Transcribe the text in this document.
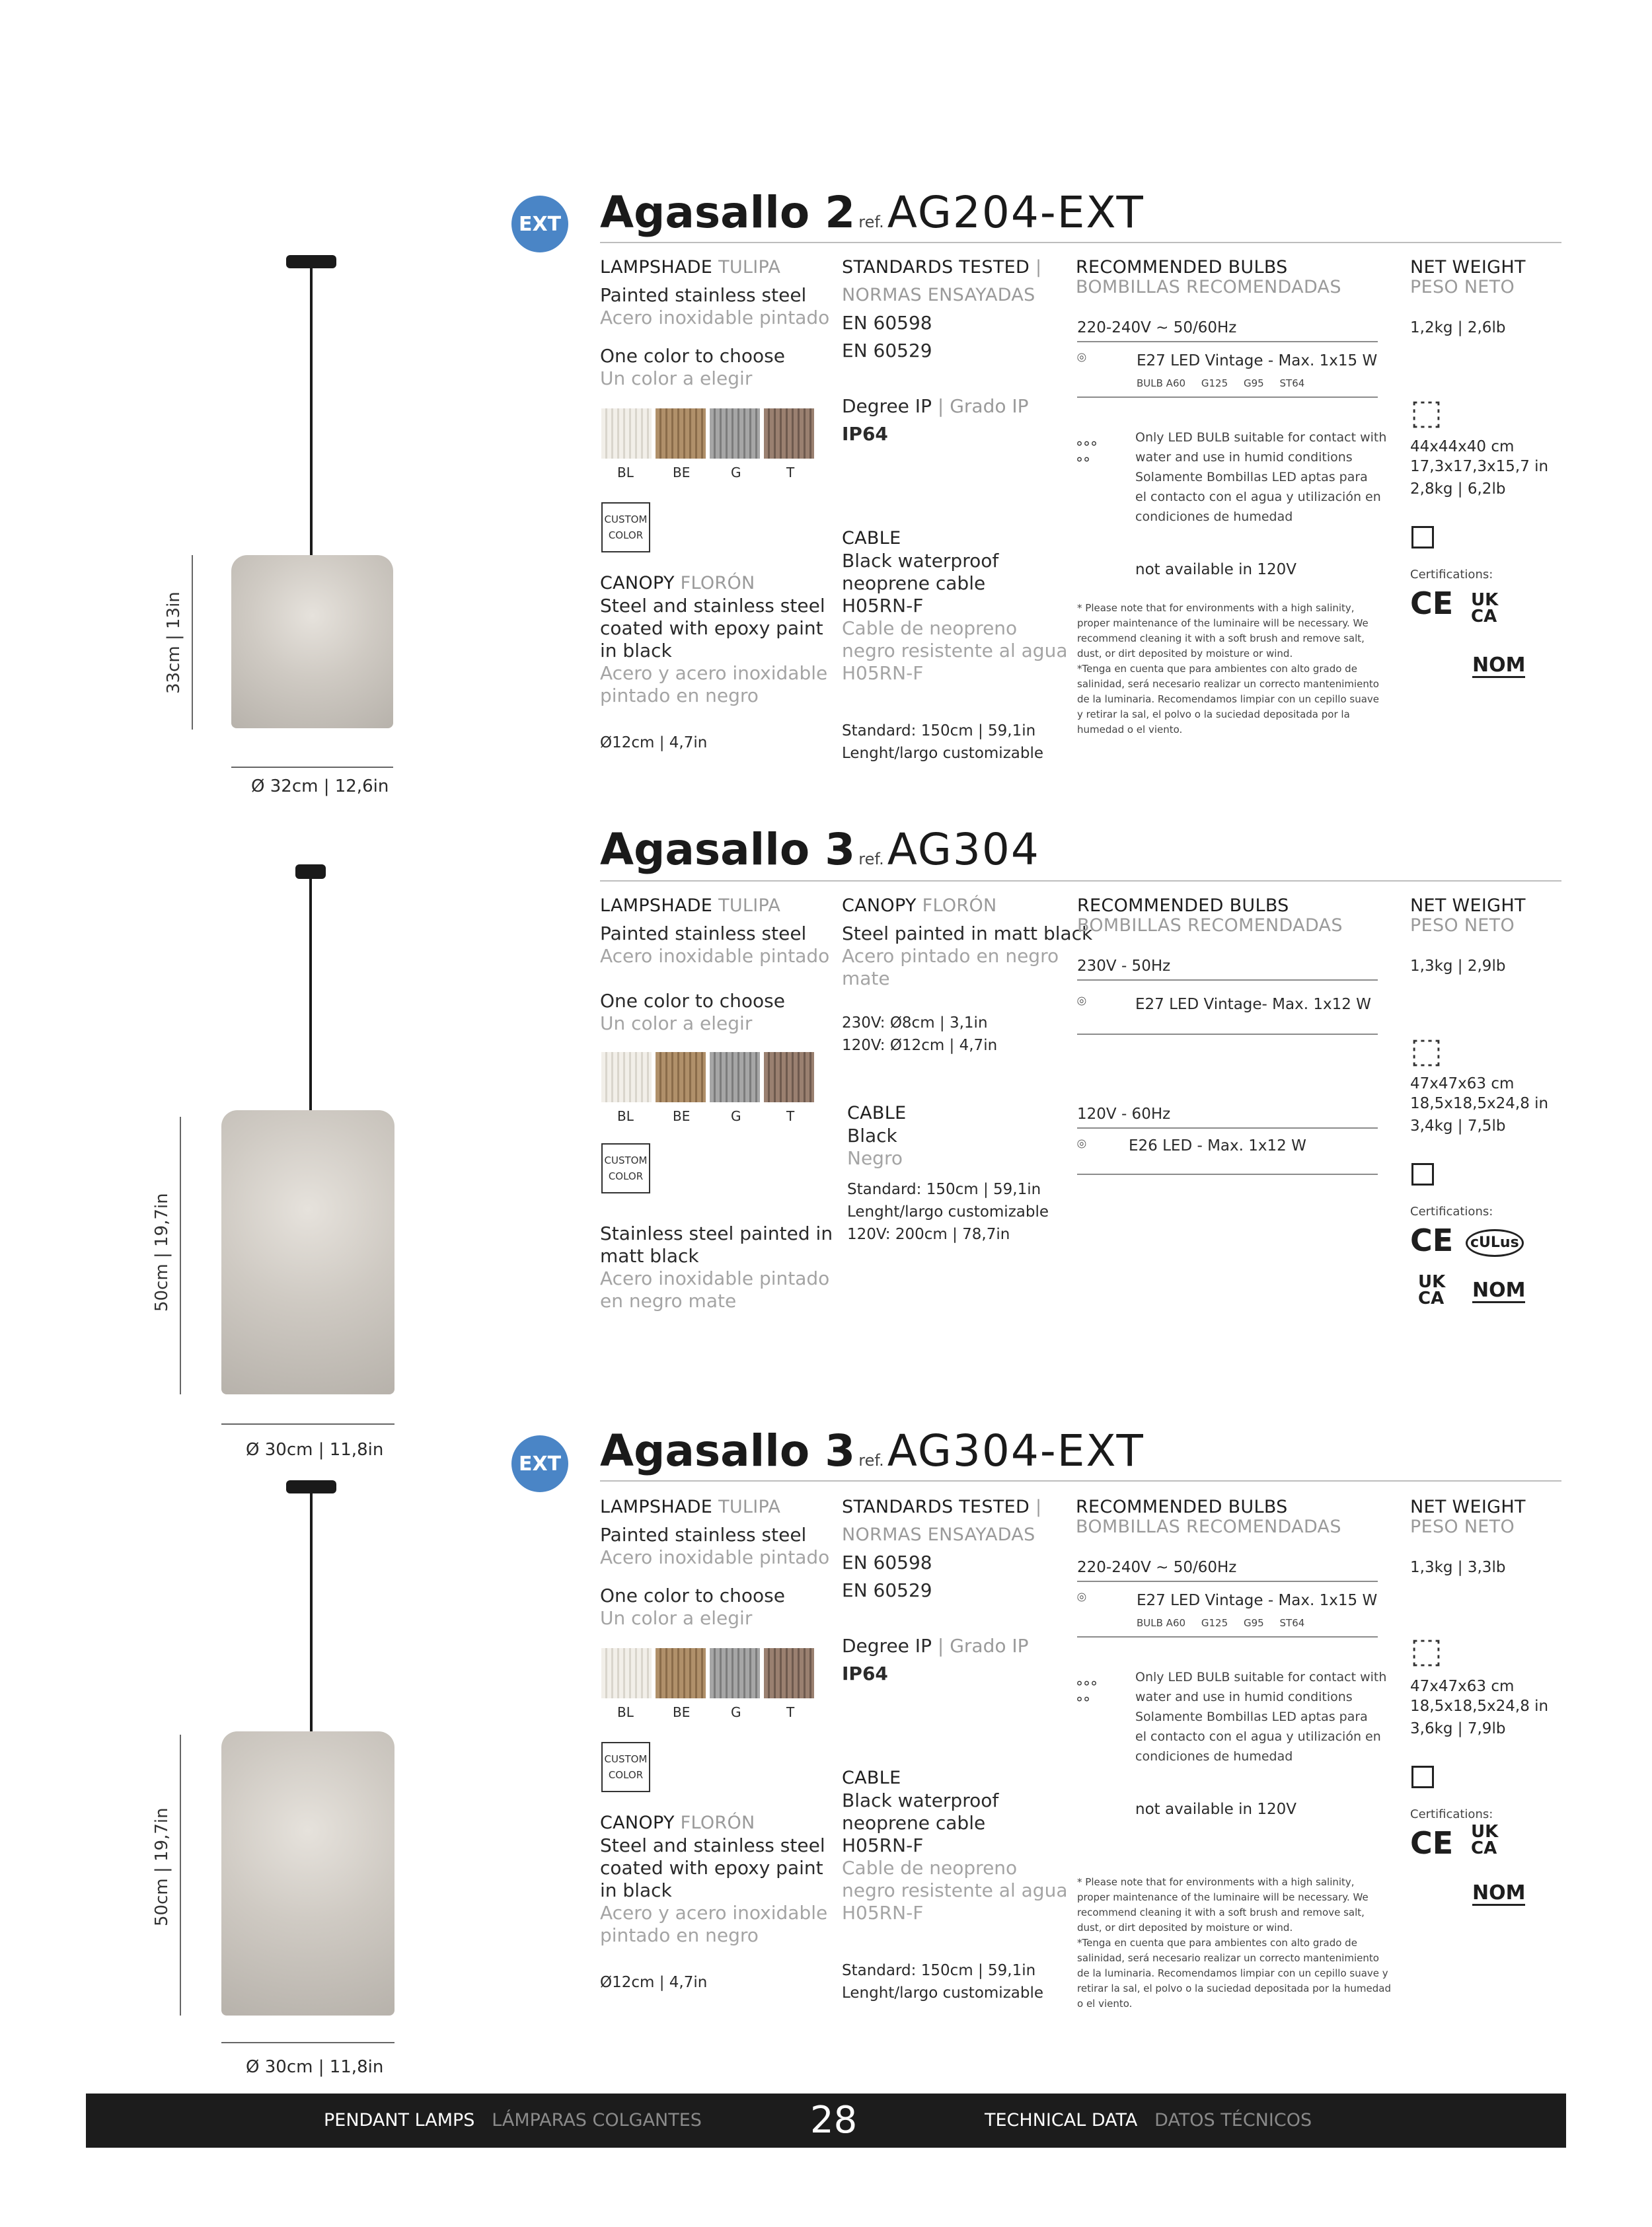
33cm | 13in
Ø 32cm | 12,6in
EXT Agasallo 2 ref. AG204-EXT
LAMPSHADE TULIPA
Painted stainless steel
Acero inoxidable pintado
One color to choose
Un color a elegir
BL	BE	G	T
CUSTOM
COLOR
CANOPY FLORÓN
Steel and stainless steel
coated with epoxy paint
in black
Acero y acero inoxidable
pintado en negro
Ø12cm | 4,7in
STANDARDS TESTED |
NORMAS ENSAYADAS
EN 60598
EN 60529
Degree IP | Grado IP
IP64
CABLE
Black waterproof
neoprene cable
H05RN-F
Cable de neopreno
negro resistente al agua
H05RN-F
Standard: 150cm | 59,1in
Lenght/largo customizable
RECOMMENDED BULBS
BOMBILLAS RECOMENDADAS
220-240V ~ 50/60Hz
⌾	E27 LED Vintage - Max. 1x15 W
BULB A60     G125     G95     ST64
°°°
°°
Only LED BULB suitable for contact with
water and use in humid conditions
Solamente Bombillas LED aptas para
el contacto con el agua y utilización en
condiciones de humedad
not available in 120V
* Please note that for environments with a high salinity,
proper maintenance of the luminaire will be necessary. We
recommend cleaning it with a soft brush and remove salt,
dust, or dirt deposited by moisture or wind.
*Tenga en cuenta que para ambientes con alto grado de
salinidad, será necesario realizar un correcto mantenimiento
de la luminaria. Recomendamos limpiar con un cepillo suave
y retirar la sal, el polvo o la suciedad depositada por la
humedad o el viento.
NET WEIGHT
PESO NETO
1,2kg | 2,6lb
⬚
44x44x40 cm
17,3x17,3x15,7 in
2,8kg | 6,2lb
Certifications:
CE UK CA
NOM
50cm | 19,7in
Ø 30cm | 11,8in
Agasallo 3 ref. AG304
LAMPSHADE TULIPA
Painted stainless steel
Acero inoxidable pintado
One color to choose
Un color a elegir
BL	BE	G	T
CUSTOM
COLOR
Stainless steel painted in
matt black
Acero inoxidable pintado
en negro mate
CANOPY FLORÓN
Steel painted in matt black
Acero pintado en negro
mate
230V: Ø8cm | 3,1in
120V: Ø12cm | 4,7in
CABLE
Black
Negro
Standard: 150cm | 59,1in
Lenght/largo customizable
120V: 200cm | 78,7in
RECOMMENDED BULBS
BOMBILLAS RECOMENDADAS
230V - 50Hz
⌾	E27 LED Vintage- Max. 1x12 W
120V - 60Hz
⌾	E26 LED - Max. 1x12 W
NET WEIGHT
PESO NETO
1,3kg | 2,9lb
⬚
47x47x63 cm
18,5x18,5x24,8 in
3,4kg | 7,5lb
Certifications:
CE	cULus
UK CA	NOM
50cm | 19,7in
Ø 30cm | 11,8in
EXT Agasallo 3 ref. AG304-EXT
LAMPSHADE TULIPA
Painted stainless steel
Acero inoxidable pintado
One color to choose
Un color a elegir
BL	BE	G	T
CUSTOM
COLOR
CANOPY FLORÓN
Steel and stainless steel
coated with epoxy paint
in black
Acero y acero inoxidable
pintado en negro
Ø12cm | 4,7in
STANDARDS TESTED |
NORMAS ENSAYADAS
EN 60598
EN 60529
Degree IP | Grado IP
IP64
CABLE
Black waterproof
neoprene cable
H05RN-F
Cable de neopreno
negro resistente al agua
H05RN-F
Standard: 150cm | 59,1in
Lenght/largo customizable
RECOMMENDED BULBS
BOMBILLAS RECOMENDADAS
220-240V ~ 50/60Hz
⌾	E27 LED Vintage - Max. 1x15 W
BULB A60     G125     G95     ST64
°°°
°°
Only LED BULB suitable for contact with
water and use in humid conditions
Solamente Bombillas LED aptas para
el contacto con el agua y utilización en
condiciones de humedad
not available in 120V
* Please note that for environments with a high salinity,
proper maintenance of the luminaire will be necessary. We
recommend cleaning it with a soft brush and remove salt,
dust, or dirt deposited by moisture or wind.
*Tenga en cuenta que para ambientes con alto grado de
salinidad, será necesario realizar un correcto mantenimiento
de la luminaria. Recomendamos limpiar con un cepillo suave y
retirar la sal, el polvo o la suciedad depositada por la humedad
o el viento.
NET WEIGHT
PESO NETO
1,3kg | 3,3lb
⬚
47x47x63 cm
18,5x18,5x24,8 in
3,6kg | 7,9lb
Certifications:
CE UK CA
NOM
PENDANT LAMPS LÁMPARAS COLGANTES	28	TECHNICAL DATA DATOS TÉCNICOS
